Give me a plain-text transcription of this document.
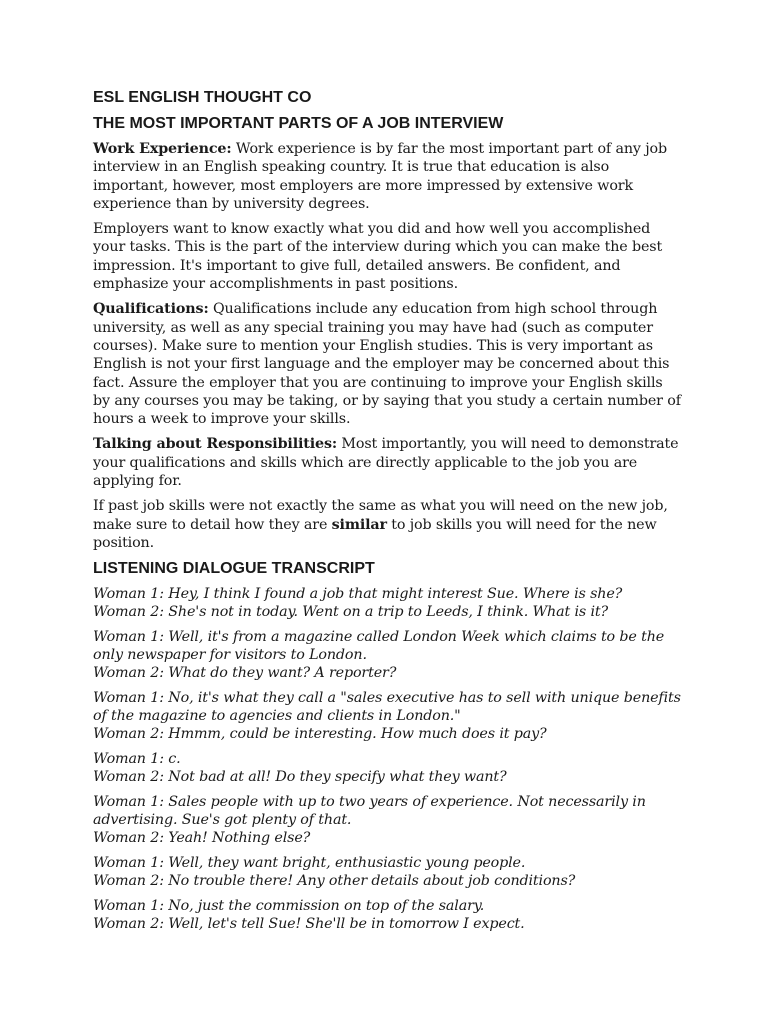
ESL ENGLISH THOUGHT CO
THE MOST IMPORTANT PARTS OF A JOB INTERVIEW

Work Experience: Work experience is by far the most important part of any job interview in an English speaking country. It is true that education is also important, however, most employers are more impressed by extensive work experience than by university degrees.

Employers want to know exactly what you did and how well you accomplished your tasks. This is the part of the interview during which you can make the best impression. It's important to give full, detailed answers. Be confident, and emphasize your accomplishments in past positions.

Qualifications: Qualifications include any education from high school through university, as well as any special training you may have had (such as computer courses). Make sure to mention your English studies. This is very important as English is not your first language and the employer may be concerned about this fact. Assure the employer that you are continuing to improve your English skills by any courses you may be taking, or by saying that you study a certain number of hours a week to improve your skills.

Talking about Responsibilities: Most importantly, you will need to demonstrate your qualifications and skills which are directly applicable to the job you are applying for.

If past job skills were not exactly the same as what you will need on the new job, make sure to detail how they are similar to job skills you will need for the new position.

LISTENING DIALOGUE TRANSCRIPT
Woman 1: Hey, I think I found a job that might interest Sue. Where is she?
Woman 2: She's not in today. Went on a trip to Leeds, I think. What is it?
Woman 1: Well, it's from a magazine called London Week which claims to be the only newspaper for visitors to London.
Woman 2: What do they want? A reporter?
Woman 1: No, it's what they call a "sales executive has to sell with unique benefits of the magazine to agencies and clients in London."
Woman 2: Hmmm, could be interesting. How much does it pay?
Woman 1: c.
Woman 2: Not bad at all! Do they specify what they want?
Woman 1: Sales people with up to two years of experience. Not necessarily in advertising. Sue's got plenty of that.
Woman 2: Yeah! Nothing else?
Woman 1: Well, they want bright, enthusiastic young people.
Woman 2: No trouble there! Any other details about job conditions?
Woman 1: No, just the commission on top of the salary.
Woman 2: Well, let's tell Sue! She'll be in tomorrow I expect.
